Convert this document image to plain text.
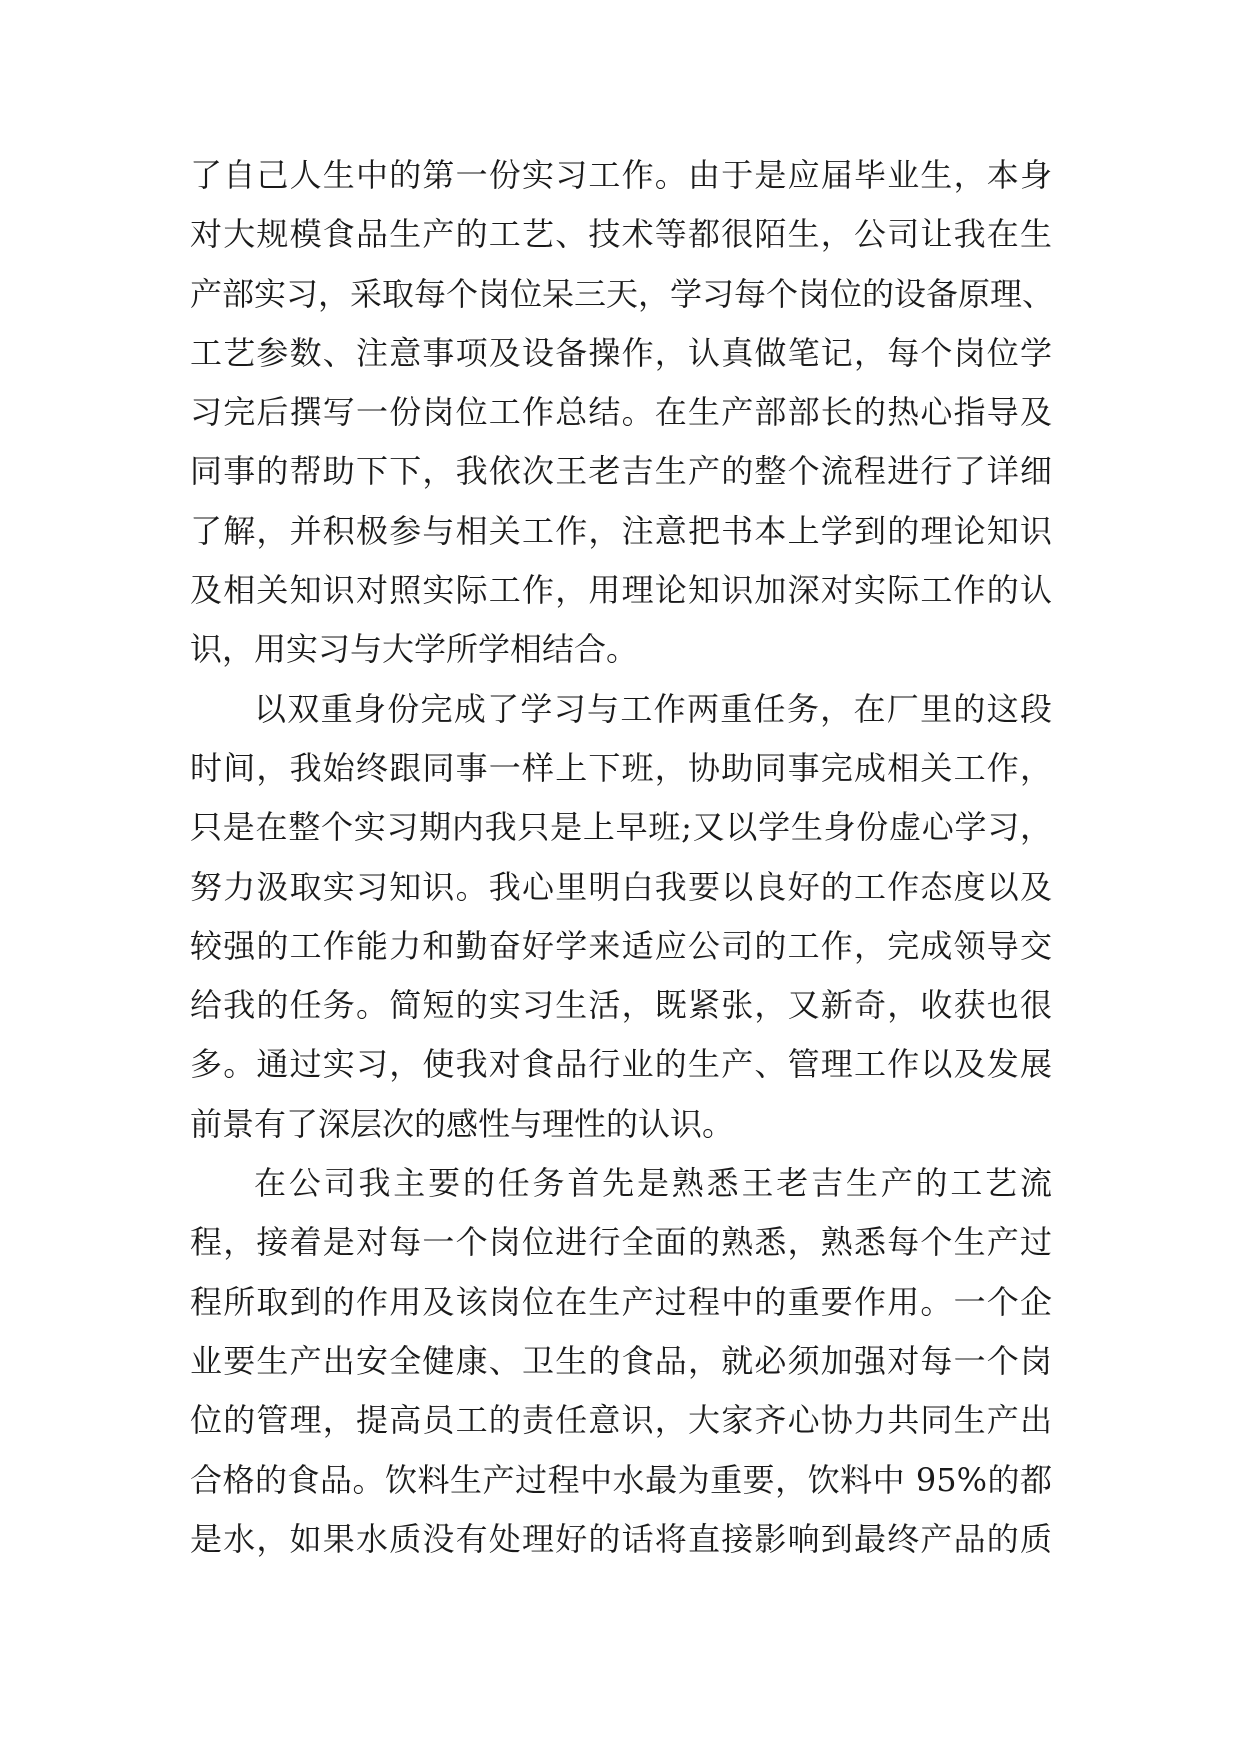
了自己人生中的第一份实习工作。由于是应届毕业生，本身
对大规模食品生产的工艺、技术等都很陌生，公司让我在生
产部实习，采取每个岗位呆三天，学习每个岗位的设备原理、
工艺参数、注意事项及设备操作，认真做笔记，每个岗位学
习完后撰写一份岗位工作总结。在生产部部长的热心指导及
同事的帮助下下，我依次王老吉生产的整个流程进行了详细
了解，并积极参与相关工作，注意把书本上学到的理论知识
及相关知识对照实际工作，用理论知识加深对实际工作的认
识，用实习与大学所学相结合。
以双重身份完成了学习与工作两重任务，在厂里的这段
时间，我始终跟同事一样上下班，协助同事完成相关工作，
只是在整个实习期内我只是上早班;又以学生身份虚心学习，
努力汲取实习知识。我心里明白我要以良好的工作态度以及
较强的工作能力和勤奋好学来适应公司的工作，完成领导交
给我的任务。简短的实习生活，既紧张，又新奇，收获也很
多。通过实习，使我对食品行业的生产、管理工作以及发展
前景有了深层次的感性与理性的认识。
在公司我主要的任务首先是熟悉王老吉生产的工艺流
程，接着是对每一个岗位进行全面的熟悉，熟悉每个生产过
程所取到的作用及该岗位在生产过程中的重要作用。一个企
业要生产出安全健康、卫生的食品，就必须加强对每一个岗
位的管理，提高员工的责任意识，大家齐心协力共同生产出
合格的食品。饮料生产过程中水最为重要，饮料中 95%的都
是水，如果水质没有处理好的话将直接影响到最终产品的质
